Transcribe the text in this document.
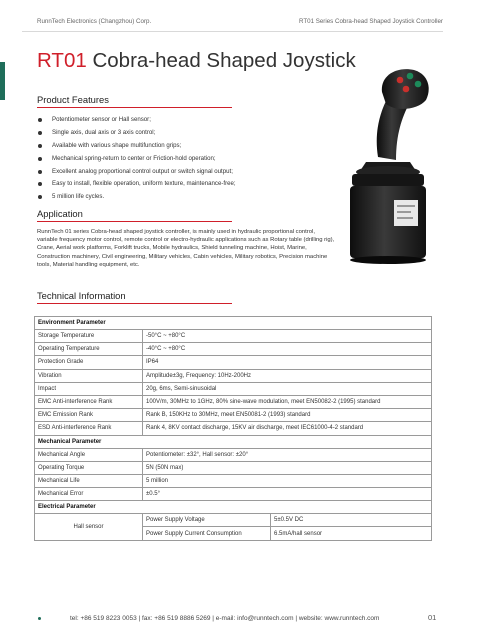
RunnTech Electronics (Changzhou) Corp.	RT01 Series Cobra-head Shaped Joystick Controller
RT01 Cobra-head Shaped Joystick
Product Features
Potentiometer sensor or Hall sensor;
Single axis, dual axis or 3 axis control;
Available with various shape multifunction grips;
Mechanical spring-return to center or Friction-hold operation;
Excellent analog proportional control output or switch signal output;
Easy to install, flexible operation, uniform texture, maintenance-free;
5 million life cycles.
Application

RunnTech 01 series Cobra-head shaped joystick controller, is mainly used in hydraulic proportional control, variable frequency motor control, remote control or electro-hydraulic applications such as Rotary table (drilling rig), Crane, Aerial work platforms, Forklift trucks, Mobile hydraulics, Shield tunneling machine, Hoist, Marine, Construction machinery, Civil engineering, Military vehicles, Cabin vehicles, Military robotics, Precision machine tools, Material handling equipment, etc.

Technical Information
Environment Parameter		
Storage Temperature	-50°C ~ +80°C	
Operating Temperature	-40°C ~ +80°C	
Protection Grade	IP64	
Vibration	Amplitude±3g, Frequency: 10Hz-200Hz	
Impact	20g, 6ms, Semi-sinusoidal	
EMC Anti-interference Rank	100V/m, 30MHz to 1GHz, 80% sine-wave modulation, meet EN50082-2 (1995) standard	
EMC Emission Rank	Rank B, 150KHz to 30MHz, meet EN50081-2 (1993) standard	
ESD Anti-interference Rank	Rank 4, 8KV contact discharge, 15KV air discharge, meet IEC61000-4-2 standard	
Mechanical Parameter		
Mechanical Angle	Potentiometer: ±32°, Hall sensor: ±20°	
Operating Torque	5N (50N max)	
Mechanical Life	5 million	
Mechanical Error	±0.5°	
Electrical Parameter		
Hall sensor	Power Supply Voltage	5±0.5V DC
	Power Supply Current Consumption	6.5mA/hall sensor
tel: +86 519 8223 0053 | fax: +86 519 8886 5269 | e-mail: info@runntech.com | website: www.runntech.com	01
